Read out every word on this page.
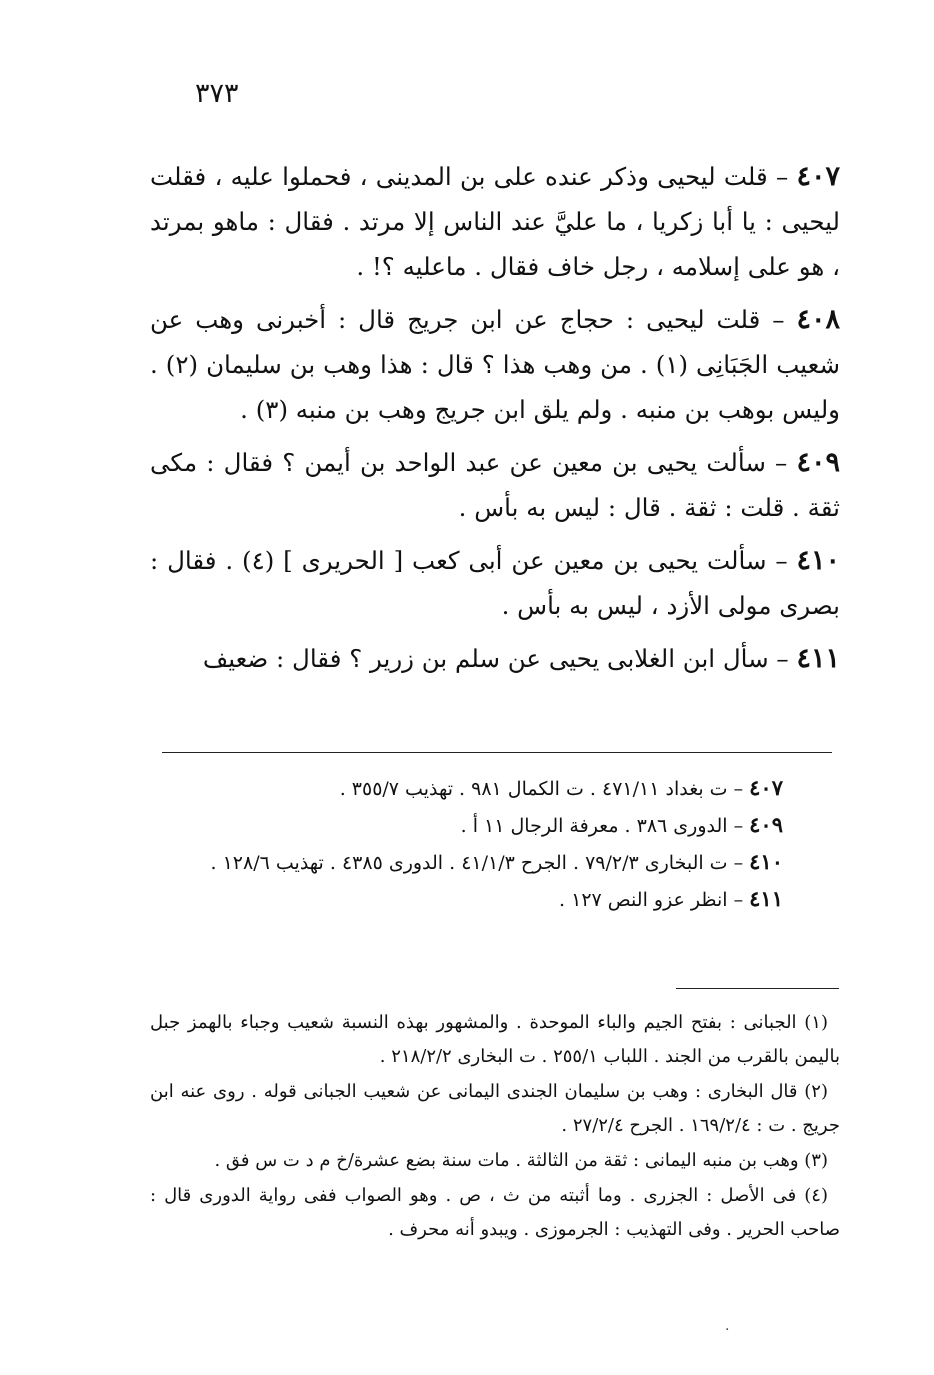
٣٧٣

٤٠٧ – قلت ليحيى وذكر عنده على بن المدينى ، فحملوا عليه ، فقلت ليحيى : يا أبا زكريا ، ما عليَّ عند الناس إلا مرتد . فقال : ماهو بمرتد ، هو على إسلامه ، رجل خاف فقال . ماعليه ؟! .

٤٠٨ – قلت ليحيى : حجاج عن ابن جريج قال : أخبرنى وهب عن شعيب الجَبَانِى (١) . من وهب هذا ؟ قال : هذا وهب بن سليمان (٢) . وليس بوهب بن منبه . ولم يلق ابن جريج وهب بن منبه (٣) .

٤٠٩ – سألت يحيى بن معين عن عبد الواحد بن أيمن ؟ فقال : مكى ثقة . قلت : ثقة . قال : ليس به بأس .

٤١٠ – سألت يحيى بن معين عن أبى كعب [ الحريرى ] (٤) . فقال : بصرى مولى الأزد ، ليس به بأس .

٤١١ – سأل ابن الغلابى يحيى عن سلم بن زرير ؟ فقال : ضعيف

٤٠٧ – ت بغداد ٤٧١/١١ . ت الكمال ٩٨١ . تهذيب ٣٥٥/٧ .
٤٠٩ – الدورى ٣٨٦ . معرفة الرجال ١١ أ .
٤١٠ – ت البخارى ٧٩/٢/٣ . الجرح ٤١/١/٣ . الدورى ٤٣٨٥ . تهذيب ١٢٨/٦ .
٤١١ – انظر عزو النص ١٢٧ .
(١) الجبانى : بفتح الجيم والباء الموحدة . والمشهور بهذه النسبة شعيب وجباء بالهمز جبل باليمن بالقرب من الجند . اللباب ٢٥٥/١ . ت البخارى ٢١٨/٢/٢ .
(٢) قال البخارى : وهب بن سليمان الجندى اليمانى عن شعيب الجبانى قوله . روى عنه ابن جريج . ت : ١٦٩/٢/٤ . الجرح ٢٧/٢/٤ .
(٣) وهب بن منبه اليمانى : ثقة من الثالثة . مات سنة بضع عشرة/خ م د ت س فق .
(٤) فى الأصل : الجزرى . وما أثبته من ث ، ص . وهو الصواب ففى رواية الدورى قال : صاحب الحرير . وفى التهذيب : الجرموزى . ويبدو أنه محرف .
·
